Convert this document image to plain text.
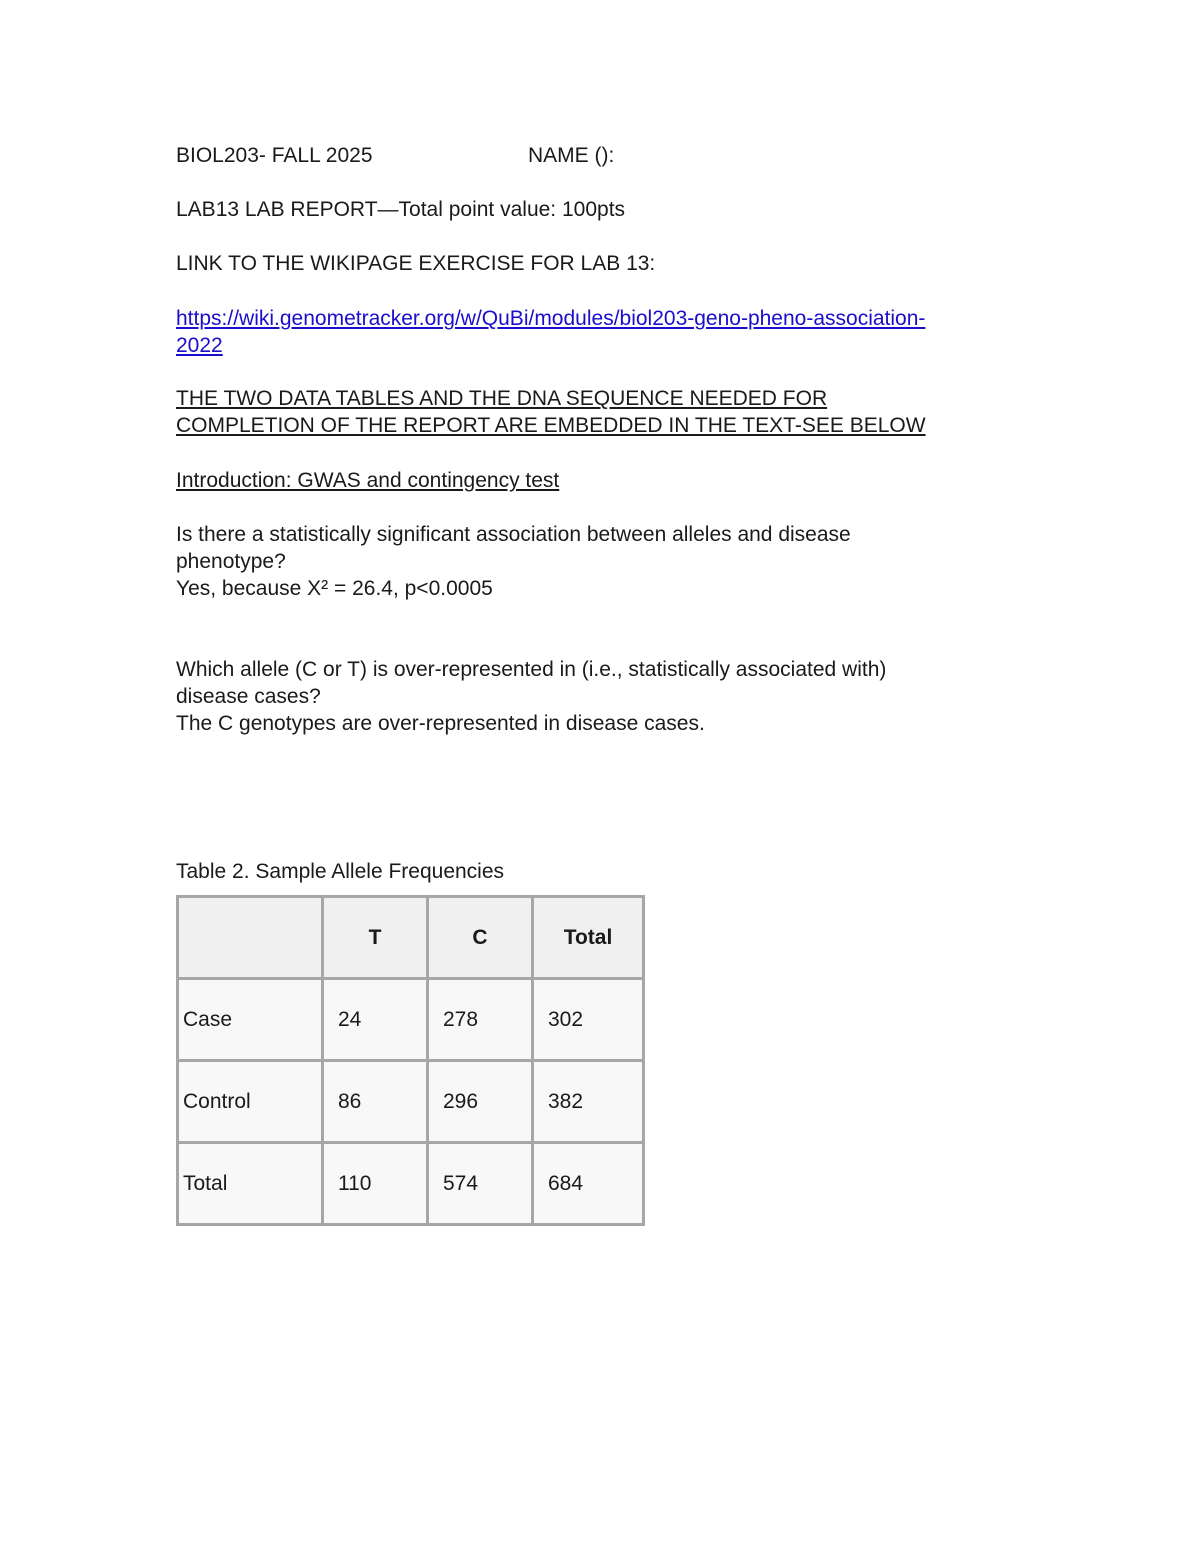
BIOL203- FALL 2025	NAME ():

LAB13 LAB REPORT—Total point value: 100pts

LINK TO THE WIKIPAGE EXERCISE FOR LAB 13:

https://wiki.genometracker.org/w/QuBi/modules/biol203-geno-pheno-association-
2022

THE TWO DATA TABLES AND THE DNA SEQUENCE NEEDED FOR
COMPLETION OF THE REPORT ARE EMBEDDED IN THE TEXT-SEE BELOW

Introduction: GWAS and contingency test

Is there a statistically significant association between alleles and disease
phenotype?

Yes, because X² = 26.4, p<0.0005

Which allele (C or T) is over-represented in (i.e., statistically associated with)
disease cases?

The C genotypes are over-represented in disease cases.

Table 2. Sample Allele Frequencies

	T	C	Total
Case	24	278	302
Control	86	296	382
Total	110	574	684
